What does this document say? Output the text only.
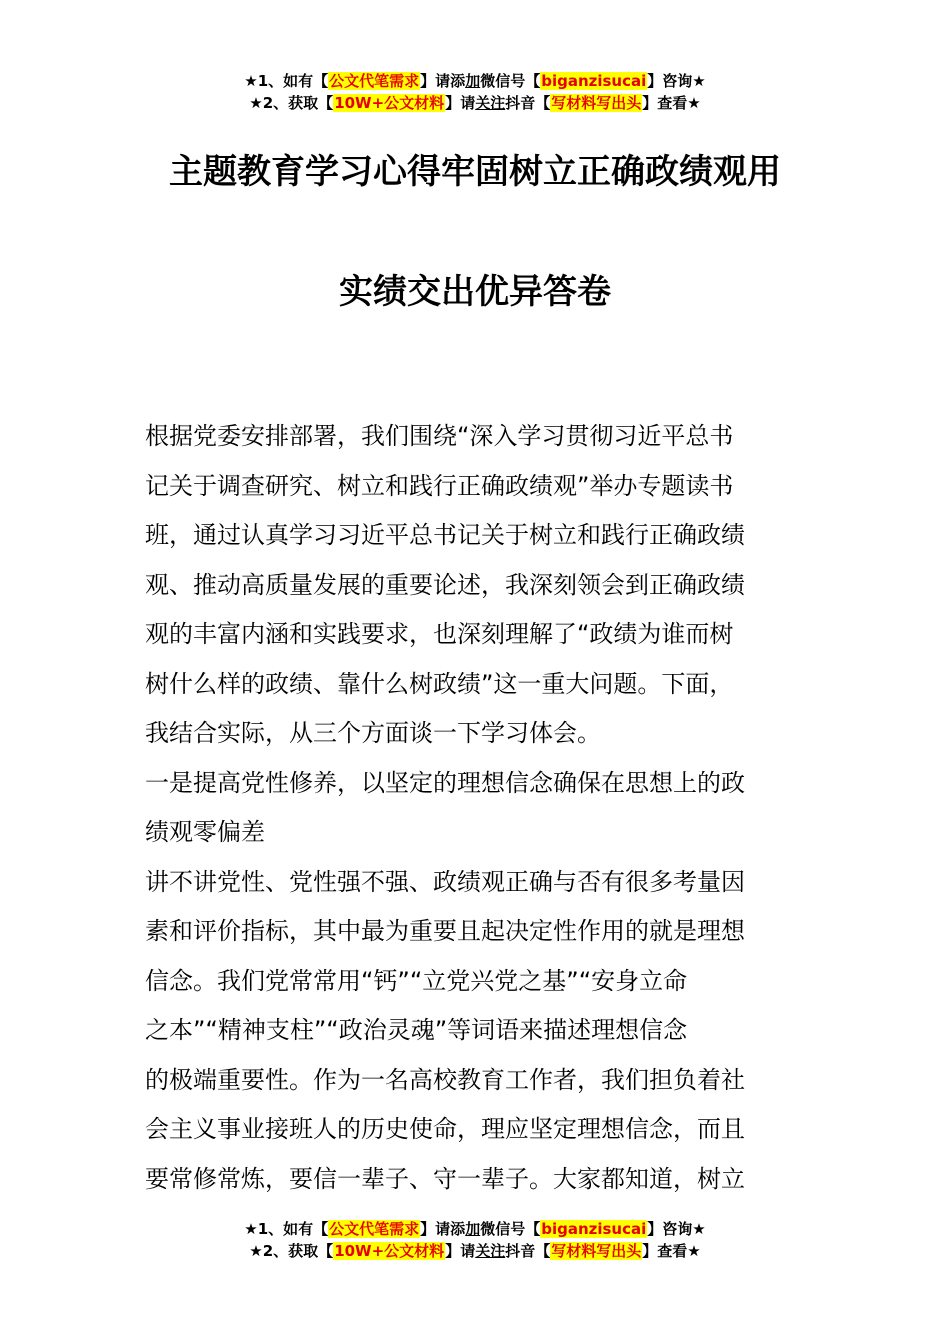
★1、如有【公文代笔需求】请添加微信号【biganzisucai】咨询★
★2、获取【10W+公文材料】请关注抖音【写材料写出头】查看★
主题教育学习心得牢固树立正确政绩观用
实绩交出优异答卷
根据党委安排部署，我们围绕“深入学习贯彻习近平总书
记关于调查研究、树立和践行正确政绩观”举办专题读书
班，通过认真学习习近平总书记关于树立和践行正确政绩
观、推动高质量发展的重要论述，我深刻领会到正确政绩
观的丰富内涵和实践要求，也深刻理解了“政绩为谁而树
树什么样的政绩、靠什么树政绩”这一重大问题。下面，
我结合实际，从三个方面谈一下学习体会。
一是提高党性修养，以坚定的理想信念确保在思想上的政
绩观零偏差
讲不讲党性、党性强不强、政绩观正确与否有很多考量因
素和评价指标，其中最为重要且起决定性作用的就是理想
信念。我们党常常用“钙”“立党兴党之基”“安身立命
之本”“精神支柱”“政治灵魂”等词语来描述理想信念
的极端重要性。作为一名高校教育工作者，我们担负着社
会主义事业接班人的历史使命，理应坚定理想信念，而且
要常修常炼，要信一辈子、守一辈子。大家都知道，树立
★1、如有【公文代笔需求】请添加微信号【biganzisucai】咨询★
★2、获取【10W+公文材料】请关注抖音【写材料写出头】查看★
